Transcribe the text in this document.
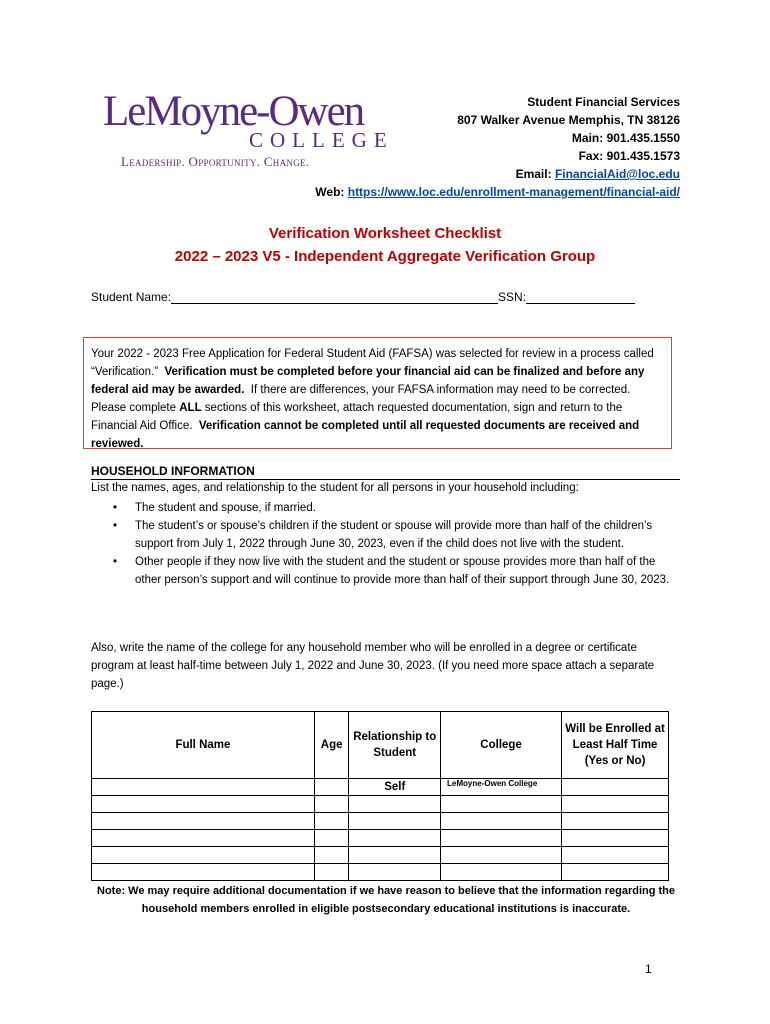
LeMoyne-Owen
COLLEGE
Leadership. Opportunity. Change.
Student Financial Services
807 Walker Avenue Memphis, TN 38126
Main: 901.435.1550
Fax: 901.435.1573
Email: FinancialAid@loc.edu
Web: https://www.loc.edu/enrollment-management/financial-aid/
Verification Worksheet Checklist
2022 – 2023 V5 - Independent Aggregate Verification Group
Student Name:	SSN:
Your 2022 - 2023 Free Application for Federal Student Aid (FAFSA) was selected for review in a process called “Verification.” Verification must be completed before your financial aid can be finalized and before any federal aid may be awarded. If there are differences, your FAFSA information may need to be corrected. Please complete ALL sections of this worksheet, attach requested documentation, sign and return to the Financial Aid Office. Verification cannot be completed until all requested documents are received and reviewed.
HOUSEHOLD INFORMATION
List the names, ages, and relationship to the student for all persons in your household including:
• The student and spouse, if married.
• The student’s or spouse’s children if the student or spouse will provide more than half of the children’s support from July 1, 2022 through June 30, 2023, even if the child does not live with the student.
• Other people if they now live with the student and the student or spouse provides more than half of the other person’s support and will continue to provide more than half of their support through June 30, 2023.
Also, write the name of the college for any household member who will be enrolled in a degree or certificate program at least half-time between July 1, 2022 and June 30, 2023. (If you need more space attach a separate page.)
Full Name	Age	Relationship to Student	College	Will be Enrolled at Least Half Time (Yes or No)
		Self	LeMoyne-Owen College	

Note: We may require additional documentation if we have reason to believe that the information regarding the household members enrolled in eligible postsecondary educational institutions is inaccurate.
1
